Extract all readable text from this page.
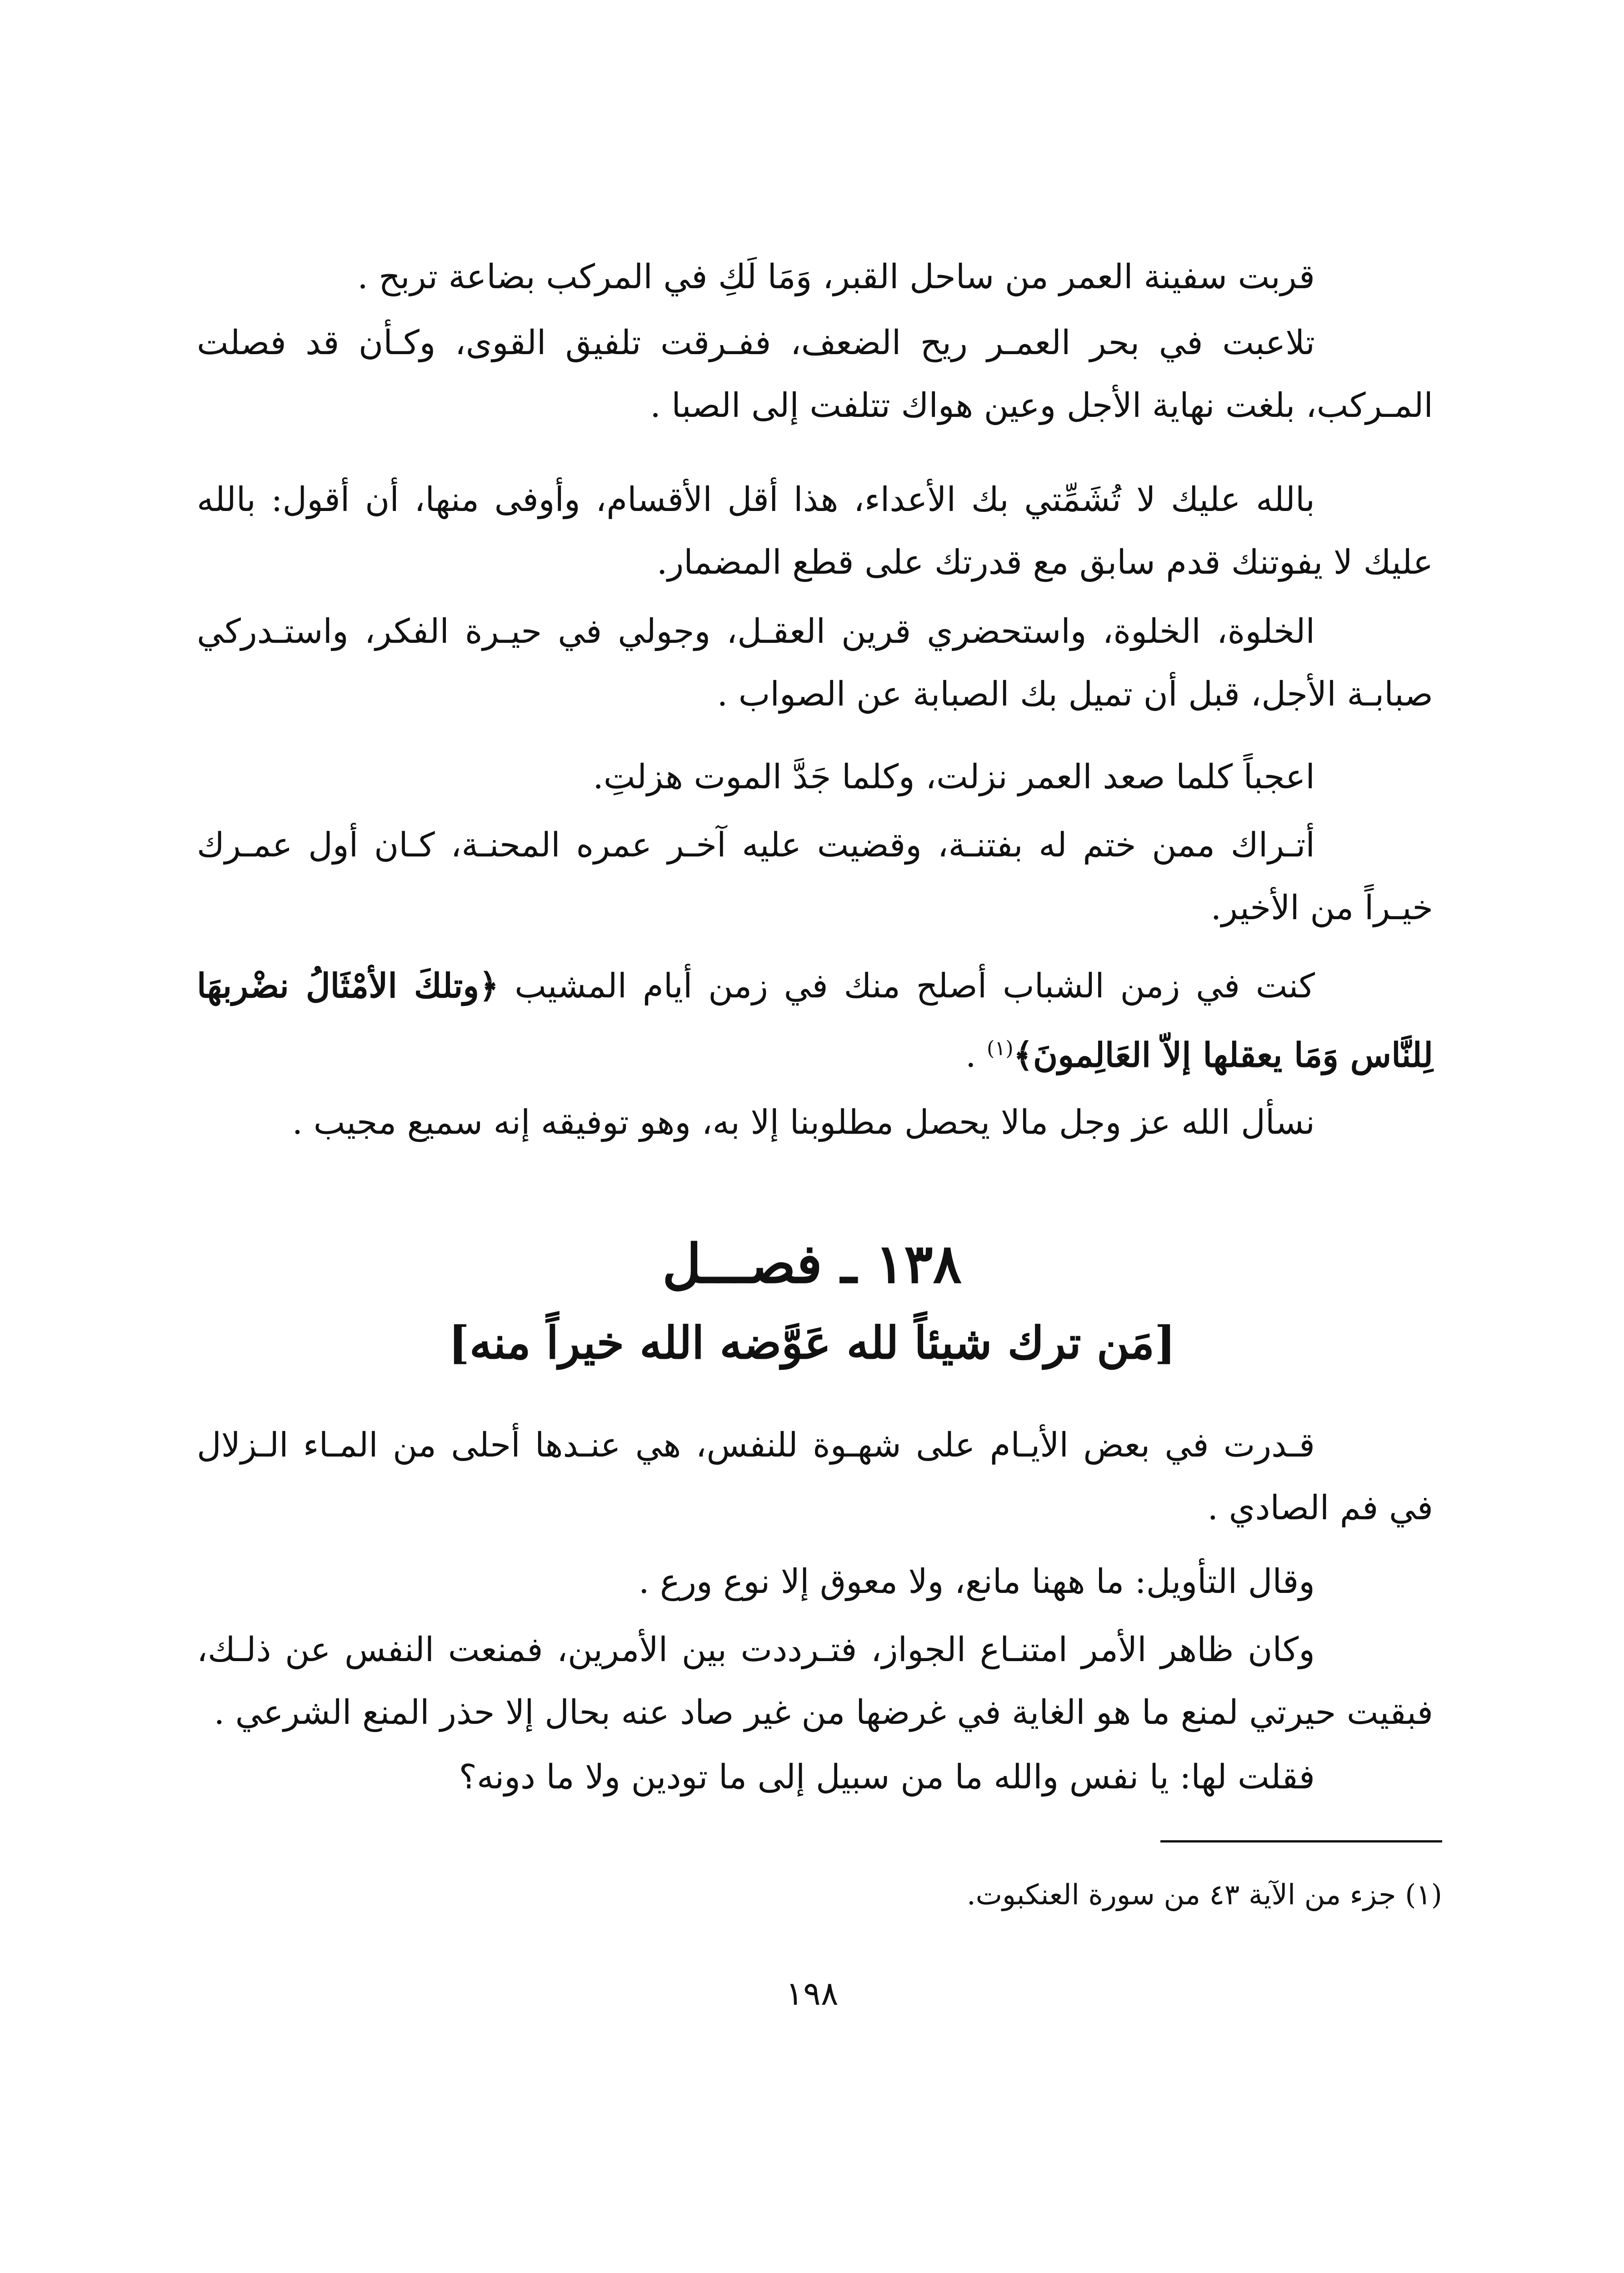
قربت سفينة العمر من ساحل القبر، وَمَا لَكِ في المركب بضاعة تربح .

تلاعبت في بحر العمـر ريح الضعف، ففـرقت تلفيق القوى، وكـأن قد فصلت المـركب، بلغت نهاية الأجل وعين هواك تتلفت إلى الصبا .

بالله عليك لا تُشَمِّتي بك الأعداء، هذا أقل الأقسام، وأوفى منها، أن أقول: بالله عليك لا يفوتنك قدم سابق مع قدرتك على قطع المضمار.

الخلوة، الخلوة، واستحضري قرين العقـل، وجولي في حيـرة الفكر، واستـدركي صبابـة الأجل، قبل أن تميل بك الصبابة عن الصواب .

اعجباً كلما صعد العمر نزلت، وكلما جَدَّ الموت هزلتِ.

أتـراك ممن ختم له بفتنـة، وقضيت عليه آخـر عمره المحنـة، كـان أول عمـرك خيـراً من الأخير.

كنت في زمن الشباب أصلح منك في زمن أيام المشيب ﴿وتلكَ الأمْثَالُ نضْربهَا لِلنَّاس وَمَا يعقلها إلاّ العَالِمونَ﴾$^{(١)}$ .

نسأل الله عز وجل مالا يحصل مطلوبنا إلا به، وهو توفيقه إنه سميع مجيب .

١٣٨ ـ فصـــل
[مَن ترك شيئاً لله عَوَّضه الله خيراً منه]

قـدرت في بعض الأيـام على شهـوة للنفس، هي عنـدها أحلى من المـاء الـزلال في فم الصادي .

وقال التأويل: ما ههنا مانع، ولا معوق إلا نوع ورع .

وكان ظاهر الأمر امتنـاع الجواز، فتـرددت بين الأمرين، فمنعت النفس عن ذلـك، فبقيت حيرتي لمنع ما هو الغاية في غرضها من غير صاد عنه بحال إلا حذر المنع الشرعي .

فقلت لها: يا نفس والله ما من سبيل إلى ما تودين ولا ما دونه؟

(١) جزء من الآية ٤٣ من سورة العنكبوت.
١٩٨
